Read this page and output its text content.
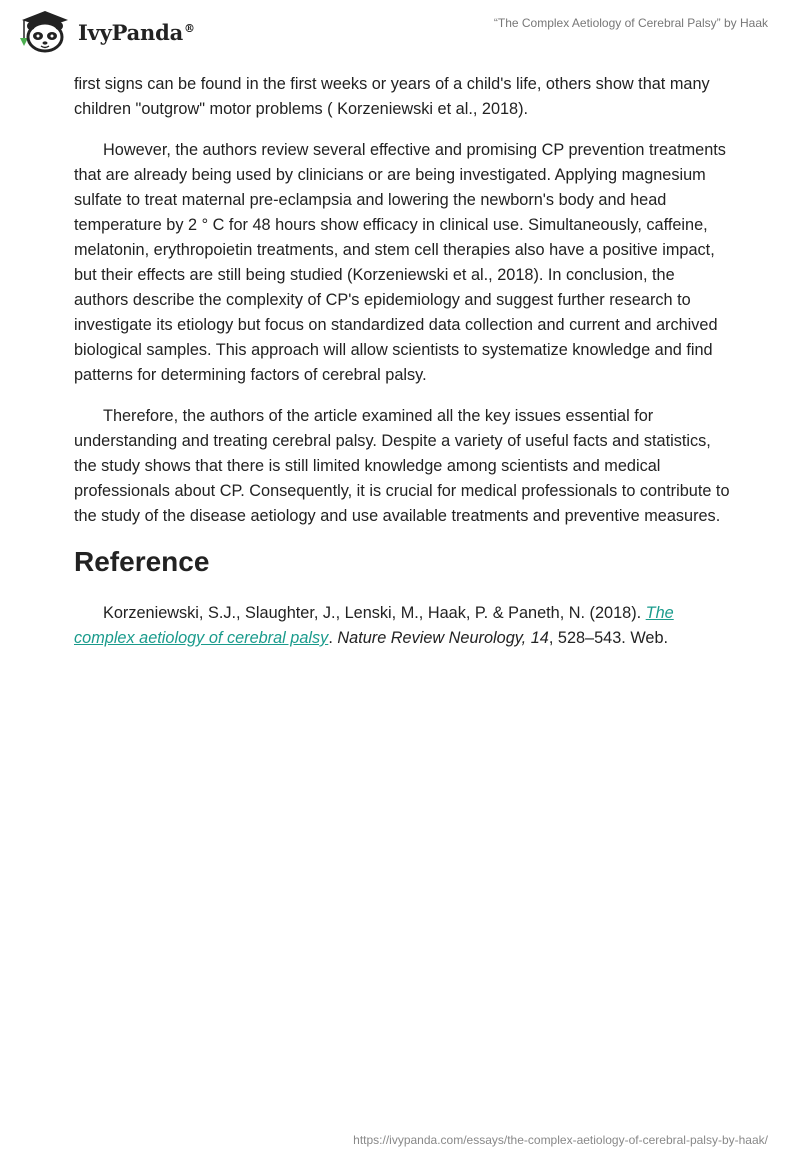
IvyPanda®	“The Complex Aetiology of Cerebral Palsy” by Haak

first signs can be found in the first weeks or years of a child's life, others show that many children "outgrow" motor problems ( Korzeniewski et al., 2018).

However, the authors review several effective and promising CP prevention treatments that are already being used by clinicians or are being investigated. Applying magnesium sulfate to treat maternal pre-eclampsia and lowering the newborn's body and head temperature by 2 ° C for 48 hours show efficacy in clinical use. Simultaneously, caffeine, melatonin, erythropoietin treatments, and stem cell therapies also have a positive impact, but their effects are still being studied (Korzeniewski et al., 2018). In conclusion, the authors describe the complexity of CP's epidemiology and suggest further research to investigate its etiology but focus on standardized data collection and current and archived biological samples. This approach will allow scientists to systematize knowledge and find patterns for determining factors of cerebral palsy.

Therefore, the authors of the article examined all the key issues essential for understanding and treating cerebral palsy. Despite a variety of useful facts and statistics, the study shows that there is still limited knowledge among scientists and medical professionals about CP. Consequently, it is crucial for medical professionals to contribute to the study of the disease aetiology and use available treatments and preventive measures.

Reference

Korzeniewski, S.J., Slaughter, J., Lenski, M., Haak, P. & Paneth, N. (2018). The complex aetiology of cerebral palsy. Nature Review Neurology, 14, 528–543. Web.

https://ivypanda.com/essays/the-complex-aetiology-of-cerebral-palsy-by-haak/
